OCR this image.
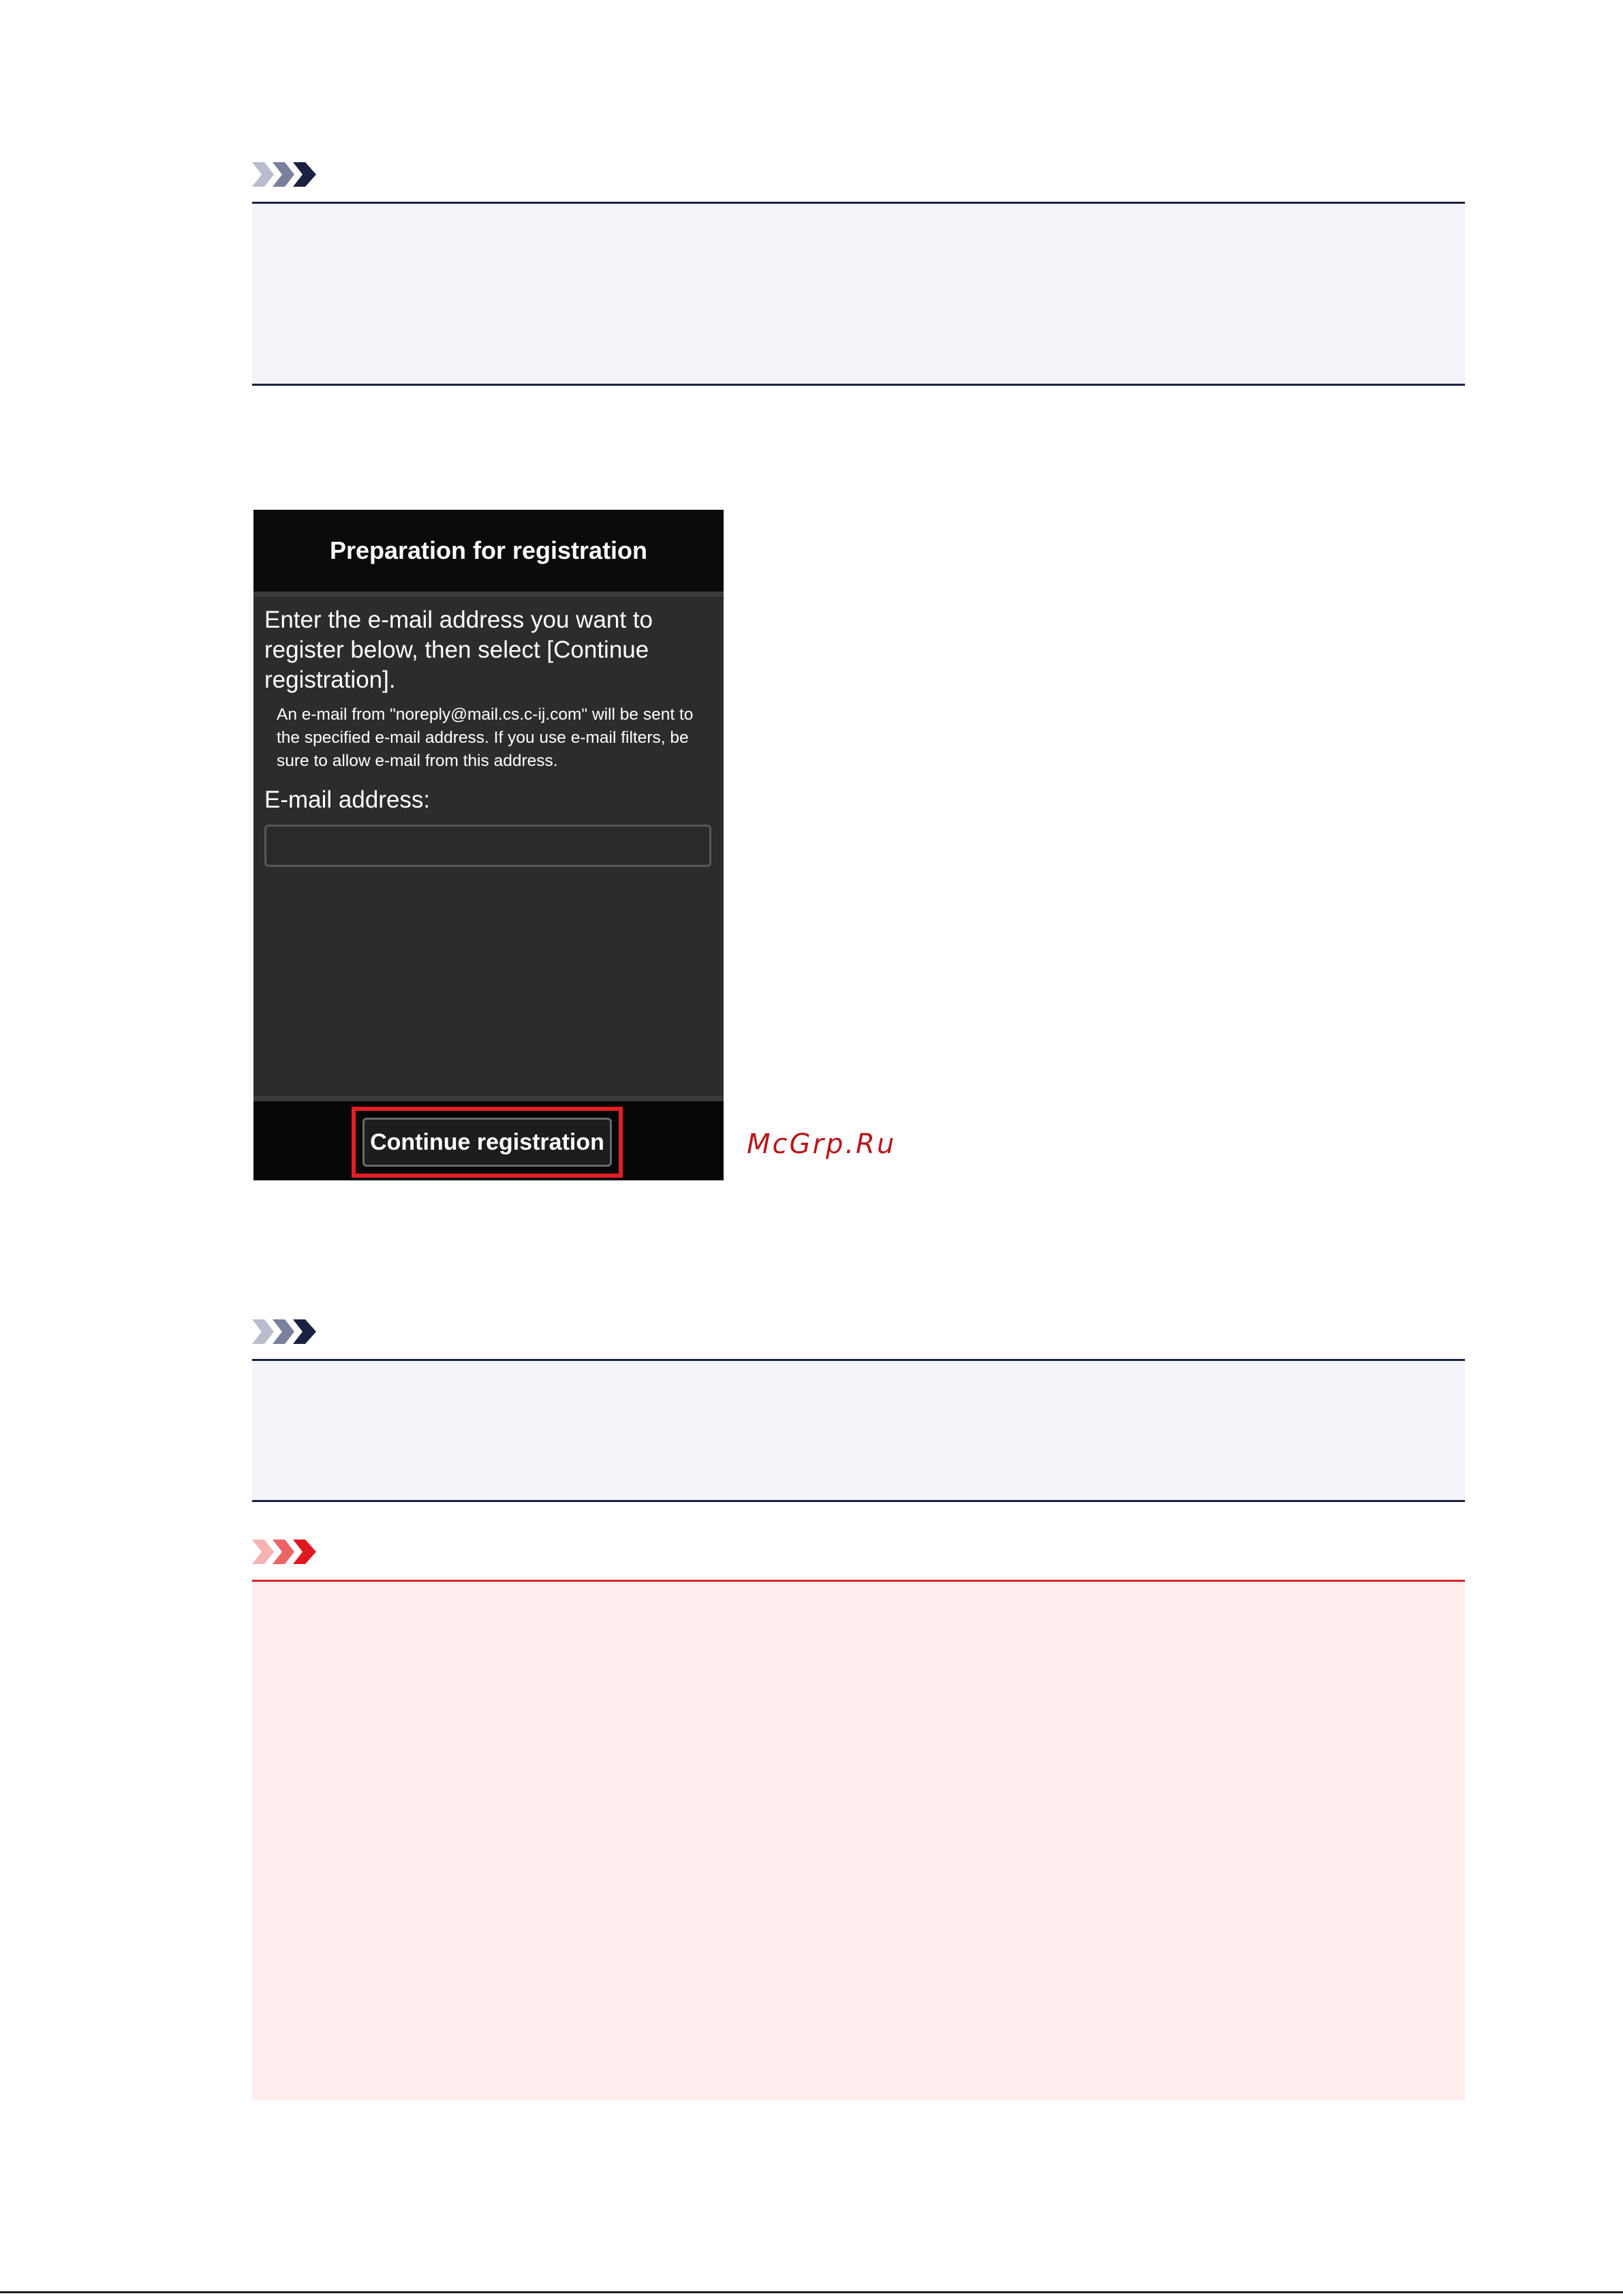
Preparation for registration
Enter the e-mail address you want to register below, then select [Continue registration].
An e-mail from "noreply@mail.cs.c-ij.com" will be sent to the specified e-mail address. If you use e-mail filters, be sure to allow e-mail from this address.
E-mail address:
Continue registration	McGrp.Ru
